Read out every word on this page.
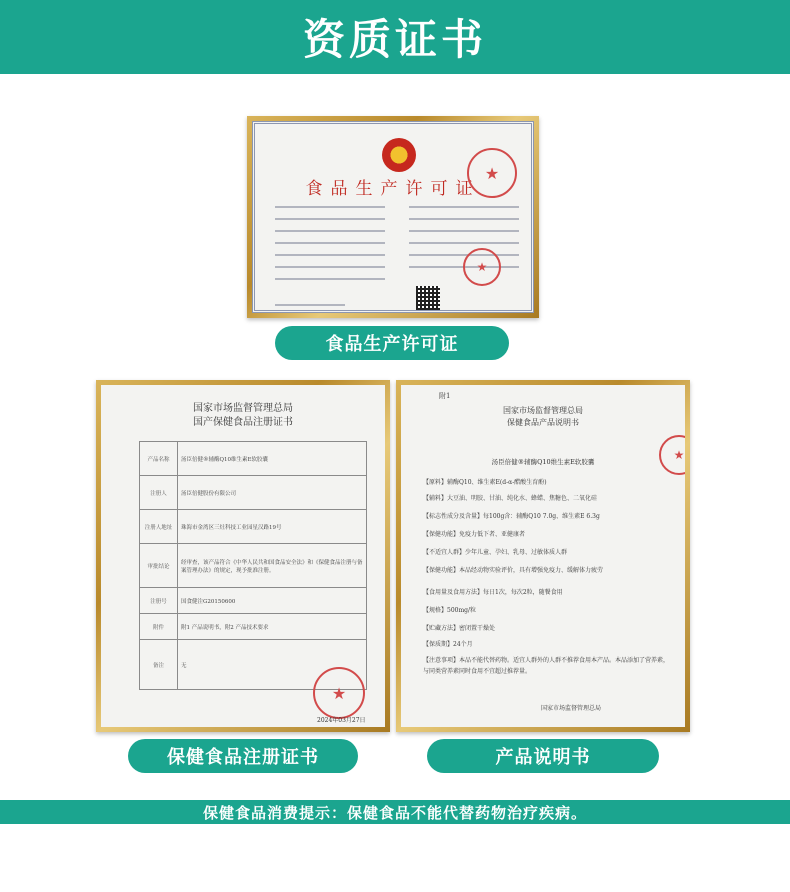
资质证书
食品生产许可证
★
★
食品生产许可证
国家市场监督管理总局
国产保健食品注册证书
产品名称	汤臣倍健®辅酶Q10维生素E软胶囊
注册人	汤臣倍健股份有限公司
注册人地址	珠海市金湾区三灶科技工业园星汉路19号
审批结论	经审查，该产品符合《中华人民共和国食品安全法》和《保健食品注册与备案管理办法》的规定，现予批准注册。
注册号	国食健注G20150600
附件	附1 产品说明书，附2 产品技术要求
备注	无
★
2024年03月27日
保健食品注册证书
附1
国家市场监督管理总局
保健食品产品说明书
汤臣倍健®辅酶Q10维生素E软胶囊
【原料】辅酶Q10、维生素E(d-α-醋酸生育酚)
【辅料】大豆油、明胶、甘油、纯化水、蜂蜡、焦糖色、二氧化硅
【标志性成分及含量】每100g含：辅酶Q10 7.0g、维生素E 6.3g
【保健功能】免疫力低下者、亚健康者
【不适宜人群】少年儿童、孕妇、乳母、过敏体质人群
【保健功能】本品经动物实验评价，具有增强免疫力、缓解体力疲劳
【食用量及食用方法】每日1次，每次2粒，随餐食用
【规格】500mg/粒
【贮藏方法】密闭置干燥处
【保质期】24个月
【注意事项】本品不能代替药物。适宜人群外的人群不推荐食用本产品。本品添加了营养素，与同类营养素同时食用不宜超过推荐量。
国家市场监督管理总局
★
产品说明书
保健食品消费提示：保健食品不能代替药物治疗疾病。
